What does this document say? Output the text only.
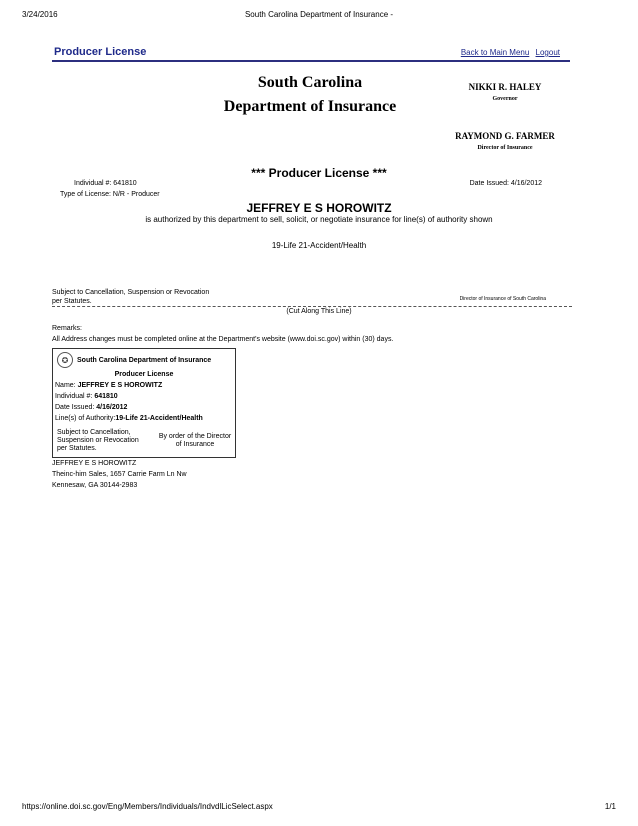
3/24/2016	South Carolina Department of Insurance -
Producer License	Back to Main Menu Logout
South Carolina
Department of Insurance
NIKKI R. HALEY
Governor
RAYMOND G. FARMER
Director of Insurance
*** Producer License ***
Individual #: 641810	Date Issued: 4/16/2012
Type of License: N/R - Producer
JEFFREY E S HOROWITZ
is authorized by this department to sell, solicit, or negotiate insurance for line(s) of authority shown
19-Life 21-Accident/Health
Subject to Cancellation, Suspension or Revocation per Statutes.	Director of Insurance of South Carolina
(Cut Along This Line)
Remarks:
All Address changes must be completed online at the Department's website (www.doi.sc.gov) within (30) days.
✪	South Carolina Department of Insurance
Producer License
Name: JEFFREY E S HOROWITZ
Individual #: 641810
Date Issued: 4/16/2012
Line(s) of Authority:19-Life 21-Accident/Health
Subject to Cancellation, Suspension or Revocation per Statutes.
By order of the Director of Insurance
JEFFREY E S HOROWITZ
Theinc-him Sales, 1657 Carrie Farm Ln Nw
Kennesaw, GA 30144-2983
https://online.doi.sc.gov/Eng/Members/Individuals/IndvdlLicSelect.aspx	1/1
